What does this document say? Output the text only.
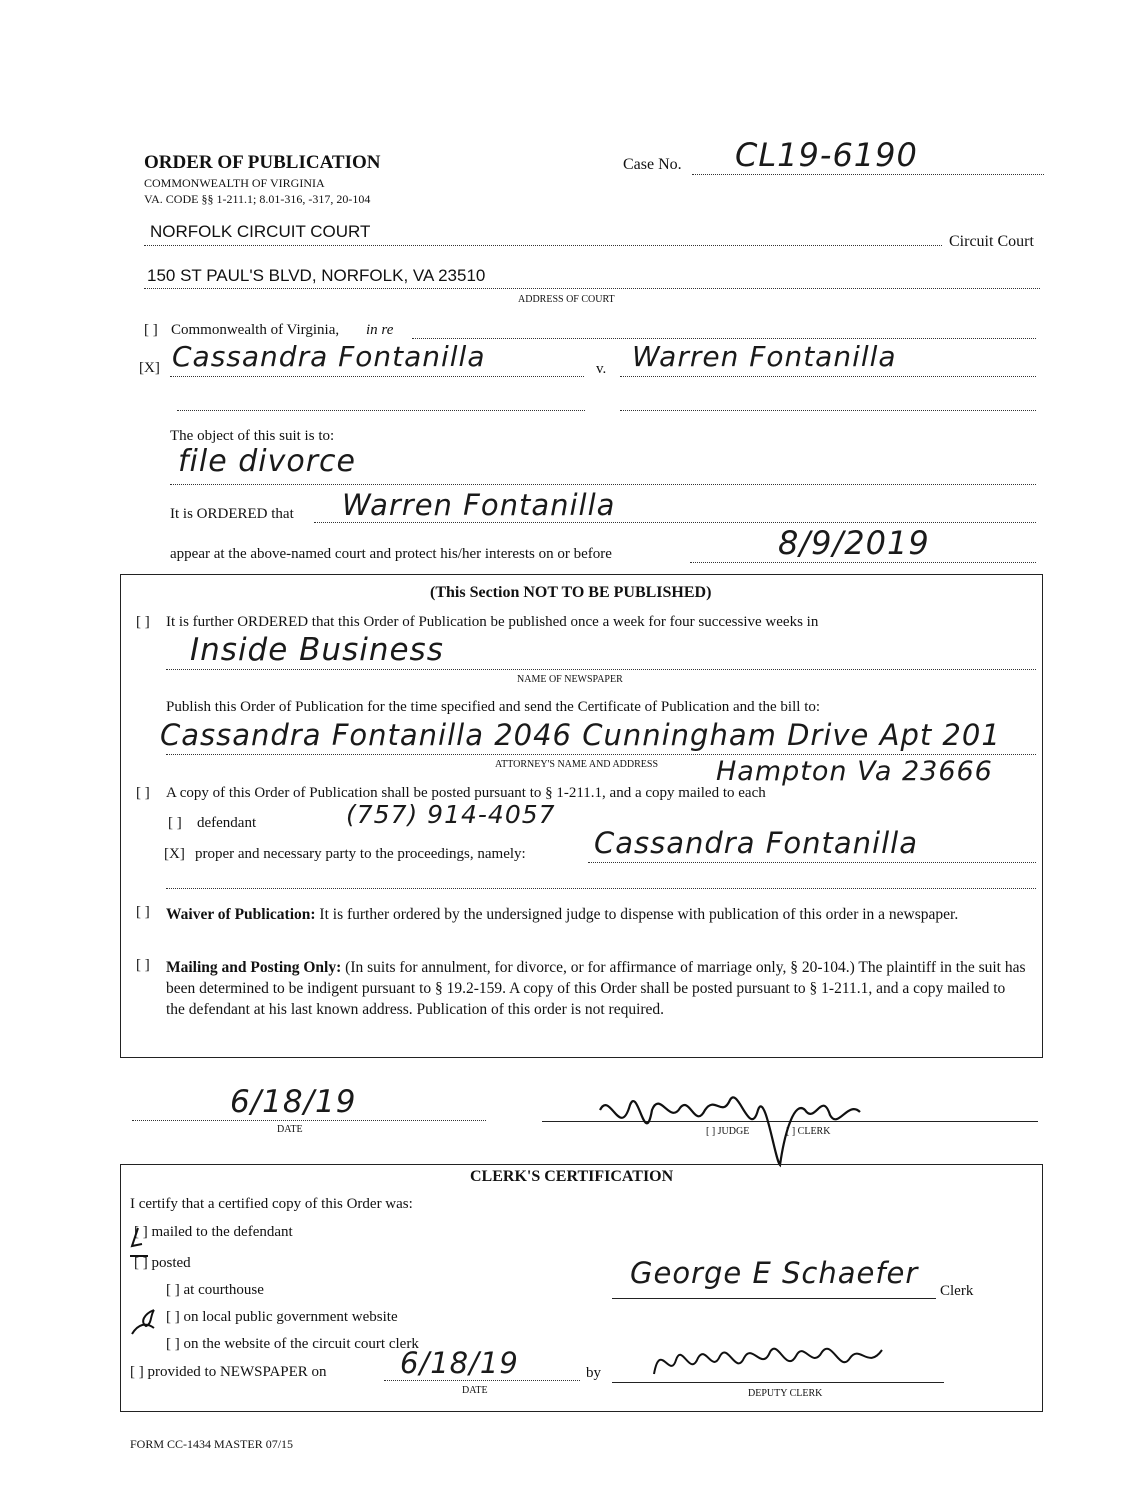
ORDER OF PUBLICATION
COMMONWEALTH OF VIRGINIA
VA. CODE §§ 1-211.1; 8.01-316, -317, 20-104
Case No. CL19-6190
NORFOLK CIRCUIT COURT
Circuit Court
150 ST PAUL'S BLVD, NORFOLK, VA 23510
ADDRESS OF COURT
[ ] Commonwealth of Virginia, in re
[X] Cassandra Fontanilla	v. Warren Fontanilla
The object of this suit is to:
file divorce
It is ORDERED that Warren Fontanilla
appear at the above-named court and protect his/her interests on or before	8/9/2019
(This Section NOT TO BE PUBLISHED)
[ ] It is further ORDERED that this Order of Publication be published once a week for four successive weeks in
Inside Business
NAME OF NEWSPAPER
Publish this Order of Publication for the time specified and send the Certificate of Publication and the bill to:
Cassandra Fontanilla 2046 Cunningham Drive Apt 201
ATTORNEY'S NAME AND ADDRESS Hampton Va 23666
[ ] A copy of this Order of Publication shall be posted pursuant to § 1-211.1, and a copy mailed to each
[ ] defendant	(757) 914-4057
[X] proper and necessary party to the proceedings, namely: Cassandra Fontanilla
[ ] Waiver of Publication: It is further ordered by the undersigned judge to dispense with publication of this order in a newspaper.
[ ] Mailing and Posting Only: (In suits for annulment, for divorce, or for affirmance of marriage only, § 20-104.) The plaintiff in the suit has been determined to be indigent pursuant to § 19.2-159. A copy of this Order shall be posted pursuant to § 1-211.1, and a copy mailed to the defendant at his last known address. Publication of this order is not required.
6/18/19
DATE	[ ] JUDGE	[ ] CLERK
CLERK'S CERTIFICATION
I certify that a certified copy of this Order was:
[ ] mailed to the defendant
[ ] posted
[ ] at courthouse
[ ] on local public government website
[ ] on the website of the circuit court clerk
George E Schaefer
Clerk
[ ] provided to NEWSPAPER on	6/18/19
DATE
by
DEPUTY CLERK
FORM CC-1434 MASTER 07/15
